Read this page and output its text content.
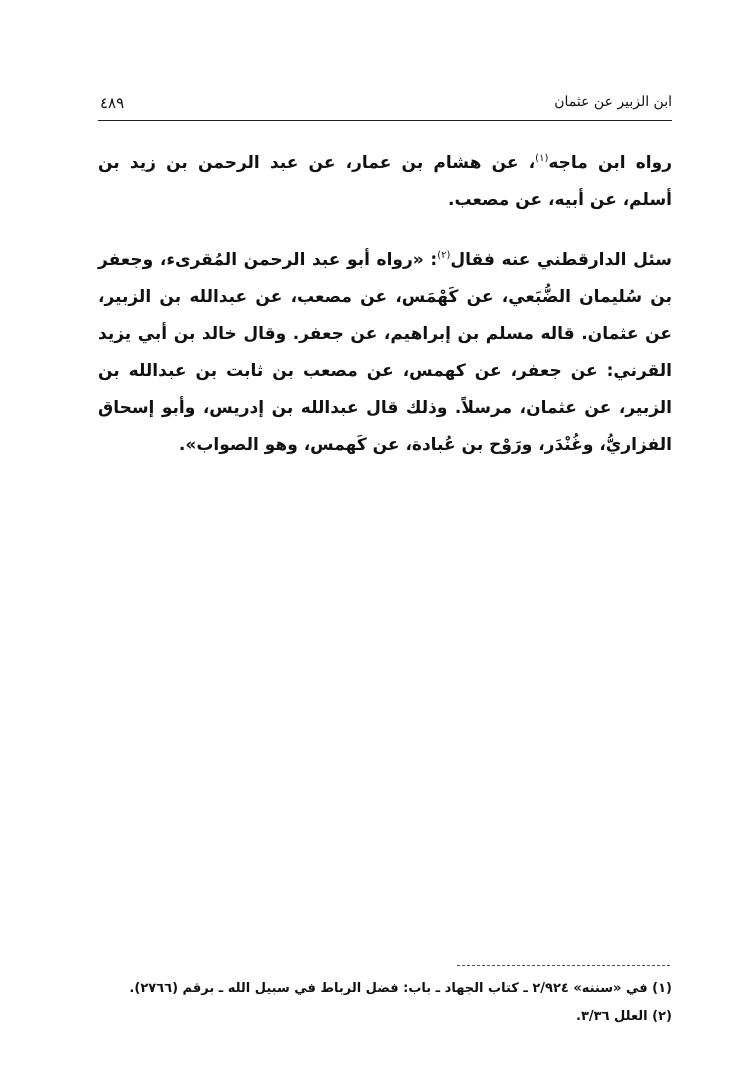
ابن الزبير عن عثمان
٤٨٩

رواه ابن ماجه$^{(١)}$، عن هشام بن عمار، عن عبد الرحمن بن زيد بن أسلم، عن أبيه، عن مصعب.

سئل الدارقطني عنه فقال$^{(٢)}$: «رواه أبو عبد الرحمن المُقرىء، وجعفر بن سُليمان الضُّبَعي، عن كَهْمَس، عن مصعب، عن عبدالله بن الزبير، عن عثمان. قاله مسلم بن إبراهيم، عن جعفر. وقال خالد بن أبي يزيد القرني: عن جعفر، عن كهمس، عن مصعب بن ثابت بن عبدالله بن الزبير، عن عثمان، مرسلاً. وذلك قال عبدالله بن إدريس، وأبو إسحاق الفزاريُّ، وغُنْدَر، ورَوْح بن عُبادة، عن كَهمس، وهو الصواب».

(١) في «سننه» ٢/٩٢٤ ـ كتاب الجهاد ـ باب: فضل الرباط في سبيل الله ـ برقم (٢٧٦٦).

(٢) العلل ٣/٣٦.
